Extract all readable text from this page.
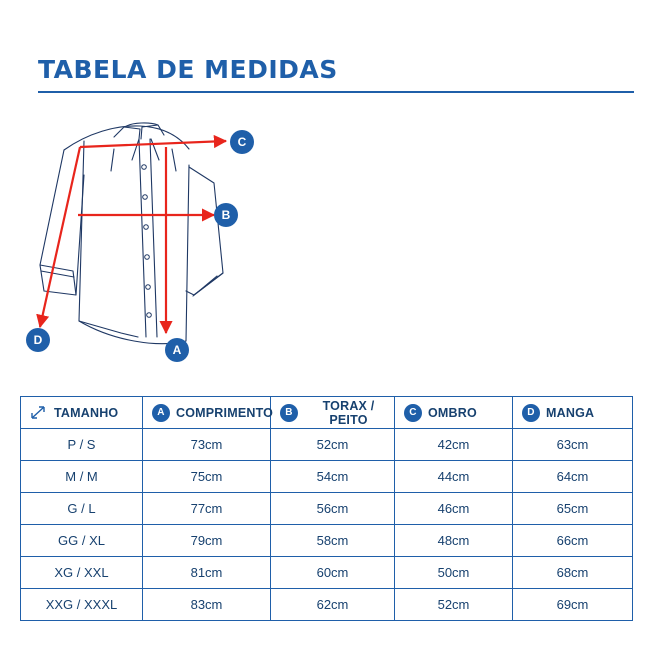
TABELA DE MEDIDAS
A
B
C
D
TAMANHO	A COMPRIMENTO	B TORAX / PEITO	C OMBRO	D MANGA

P / S	73cm	52cm	42cm	63cm
M / M	75cm	54cm	44cm	64cm
G / L	77cm	56cm	46cm	65cm
GG / XL	79cm	58cm	48cm	66cm
XG / XXL	81cm	60cm	50cm	68cm
XXG / XXXL	83cm	62cm	52cm	69cm
